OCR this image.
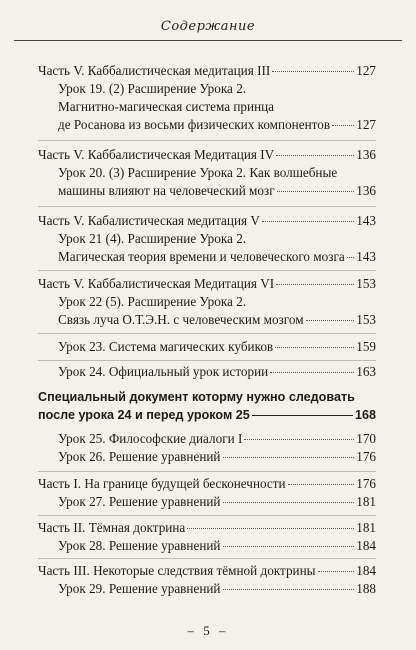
Содержание
Часть V. Каббалистическая медитация III	127
Урок 19. (2) Расширение Урока 2.
Магнитно-магическая система принца
де Росанова из восьми физических компонентов 127
Часть V. Каббалистическая Медитация IV	136
Урок 20. (3) Расширение Урока 2. Как волшебные
машины влияют на человеческий мозг	136
Часть V. Кабалистическая медитация V	143
Урок 21 (4). Расширение Урока 2.
Магическая теория времени и человеческого мозга 143
Часть V. Каббалистическая Медитация VI	153
Урок 22 (5). Расширение Урока 2.
Связь луча О.Т.Э.Н. с человеческим мозгом	153
Урок 23. Система магических кубиков	159
Урок 24. Официальный урок истории	163
Специальный документ которму нужно следовать
после урока 24 и перед уроком 25	168
Урок 25. Философские диалоги I	170
Урок 26. Решение уравнений	176
Часть I. На границе будущей бесконечности	176
Урок 27. Решение уравнений	181
Часть II. Тёмная доктрина	181
Урок 28. Решение уравнений	184
Часть III. Некоторые следствия тёмной доктрины	184
Урок 29. Решение уравнений	188
– 5 –
